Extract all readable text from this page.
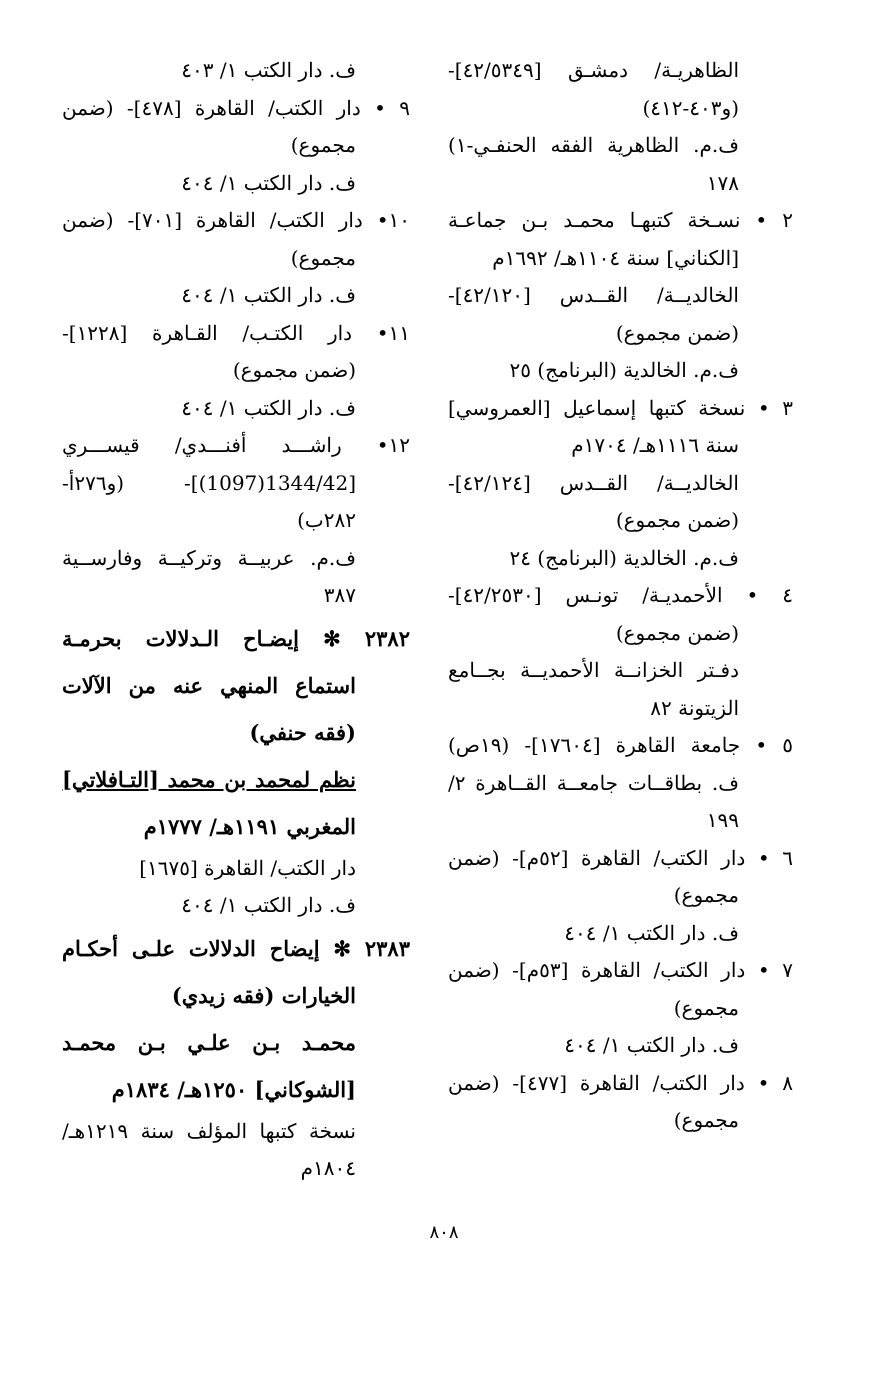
الظاهريـة/ دمشـق [٤٢/٥٣٤٩]-
(و٤٠٣-٤١٢)
ف.م. الظاهرية الفقه الحنفـي-١)
١٧٨
٢ • نسـخة كتبهـا محمـد بـن جماعـة
[الكناني] سنة ١١٠٤هـ/ ١٦٩٢م
الخالديــة/ القــدس [٤٢/١٢٠]-
(ضمن مجموع)
ف.م. الخالدية (البرنامج) ٢٥
٣ • نسخة كتبها إسماعيل [العمروسي]
سنة ١١١٦هـ/ ١٧٠٤م
الخالديــة/ القــدس [٤٢/١٢٤]-
(ضمن مجموع)
ف.م. الخالدية (البرنامج) ٢٤
٤ • الأحمديـة/ تونـس [٤٢/٢٥٣٠]-
(ضمن مجموع)
دفـتر الخزانــة الأحمديــة بجــامع
الزيتونة ٨٢
٥ • جامعة القاهرة [١٧٦٠٤]- (١٩ص)
ف. بطاقــات جامعــة القــاهرة ٢/
١٩٩
٦ • دار الكتب/ القاهرة [٥٢م]- (ضمن
مجموع)
ف. دار الكتب ١/ ٤٠٤
٧ • دار الكتب/ القاهرة [٥٣م]- (ضمن
مجموع)
ف. دار الكتب ١/ ٤٠٤
٨ • دار الكتب/ القاهرة [٤٧٧]- (ضمن
مجموع)
ف. دار الكتب ١/ ٤٠٣
٩ • دار الكتب/ القاهرة [٤٧٨]- (ضمن
مجموع)
ف. دار الكتب ١/ ٤٠٤
١٠• دار الكتب/ القاهرة [٧٠١]- (ضمن
مجموع)
ف. دار الكتب ١/ ٤٠٤
١١• دار الكتـب/ القـاهرة [١٢٢٨]-
(ضمن مجموع)
ف. دار الكتب ١/ ٤٠٤
١٢• راشـــد أفنـــدي/ قيســـري
[1344/42(1097)]- (و٢٧٦أ-
٢٨٢ب)
ف.م. عربيــة وتركيــة وفارســية
٣٨٧
٢٣٨٢ ✻ إيضـاح الـدلالات بحرمـة
استماع المنهي عنه من الآلات
(فقه حنفي)
نظم لمحمد بن محمد [التـافلاتي]
المغربي ١١٩١هـ/ ١٧٧٧م
دار الكتب/ القاهرة [١٦٧٥]
ف. دار الكتب ١/ ٤٠٤
٢٣٨٣ ✻ إيضاح الدلالات علـى أحكـام
الخيارات (فقه زيدي)
محمـد بـن علـي بـن محمـد
[الشوكاني] ١٢٥٠هـ/ ١٨٣٤م
نسخة كتبها المؤلف سنة ١٢١٩هـ/
١٨٠٤م
٨٠٨
